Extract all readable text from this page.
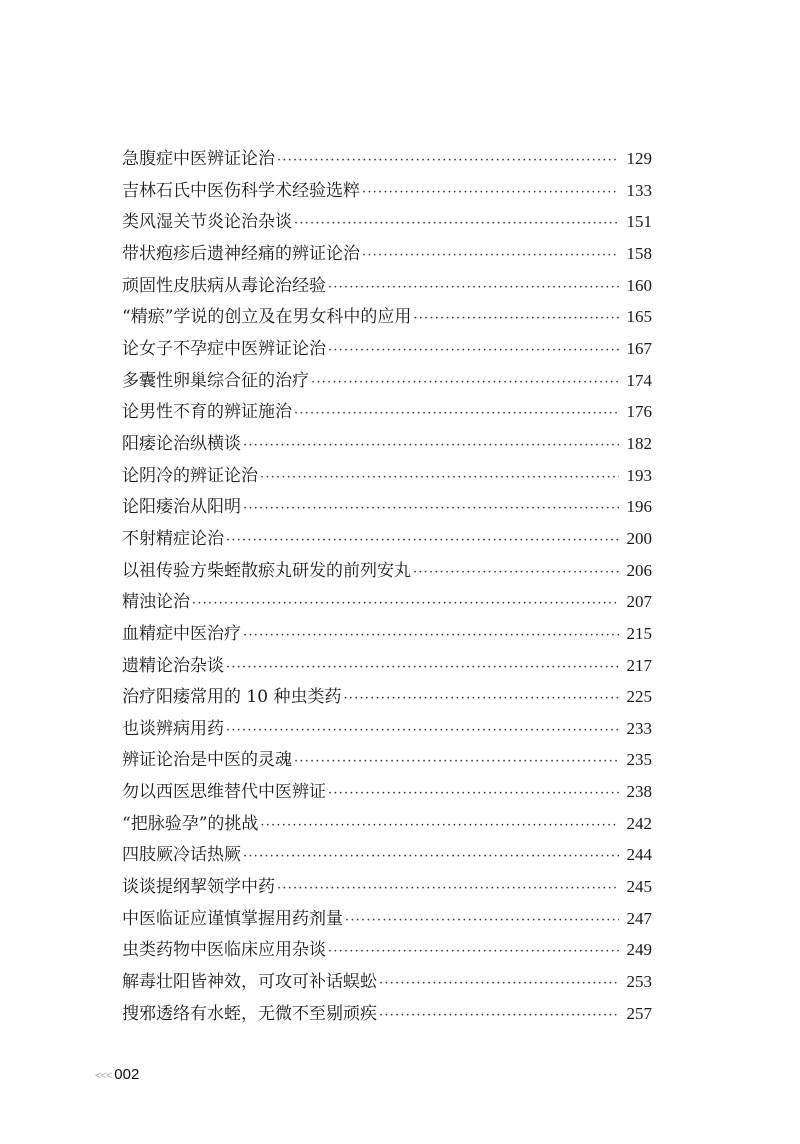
急腹症中医辨证论治 ·····	129
吉林石氏中医伤科学术经验选粹 ·····	133
类风湿关节炎论治杂谈 ·····	151
带状疱疹后遗神经痛的辨证论治 ·····	158
顽固性皮肤病从毒论治经验 ·····	160
“精瘀”学说的创立及在男女科中的应用 ·····	165
论女子不孕症中医辨证论治 ·····	167
多囊性卵巢综合征的治疗 ·····	174
论男性不育的辨证施治 ·····	176
阳痿论治纵横谈 ·····	182
论阴冷的辨证论治 ·····	193
论阳痿治从阳明 ·····	196
不射精症论治 ·····	200
以祖传验方柴蛭散瘀丸研发的前列安丸 ·····	206
精浊论治 ·····	207
血精症中医治疗 ·····	215
遗精论治杂谈 ·····	217
治疗阳痿常用的 10 种虫类药 ·····	225
也谈辨病用药 ·····	233
辨证论治是中医的灵魂 ·····	235
勿以西医思维替代中医辨证 ·····	238
“把脉验孕”的挑战 ·····	242
四肢厥冷话热厥 ·····	244
谈谈提纲挈领学中药 ·····	245
中医临证应谨慎掌握用药剂量 ·····	247
虫类药物中医临床应用杂谈 ·····	249
解毒壮阳皆神效，可攻可补话蜈蚣 ·····	253
搜邪透络有水蛭，无微不至剔顽疾 ·····	257
<<< 002
